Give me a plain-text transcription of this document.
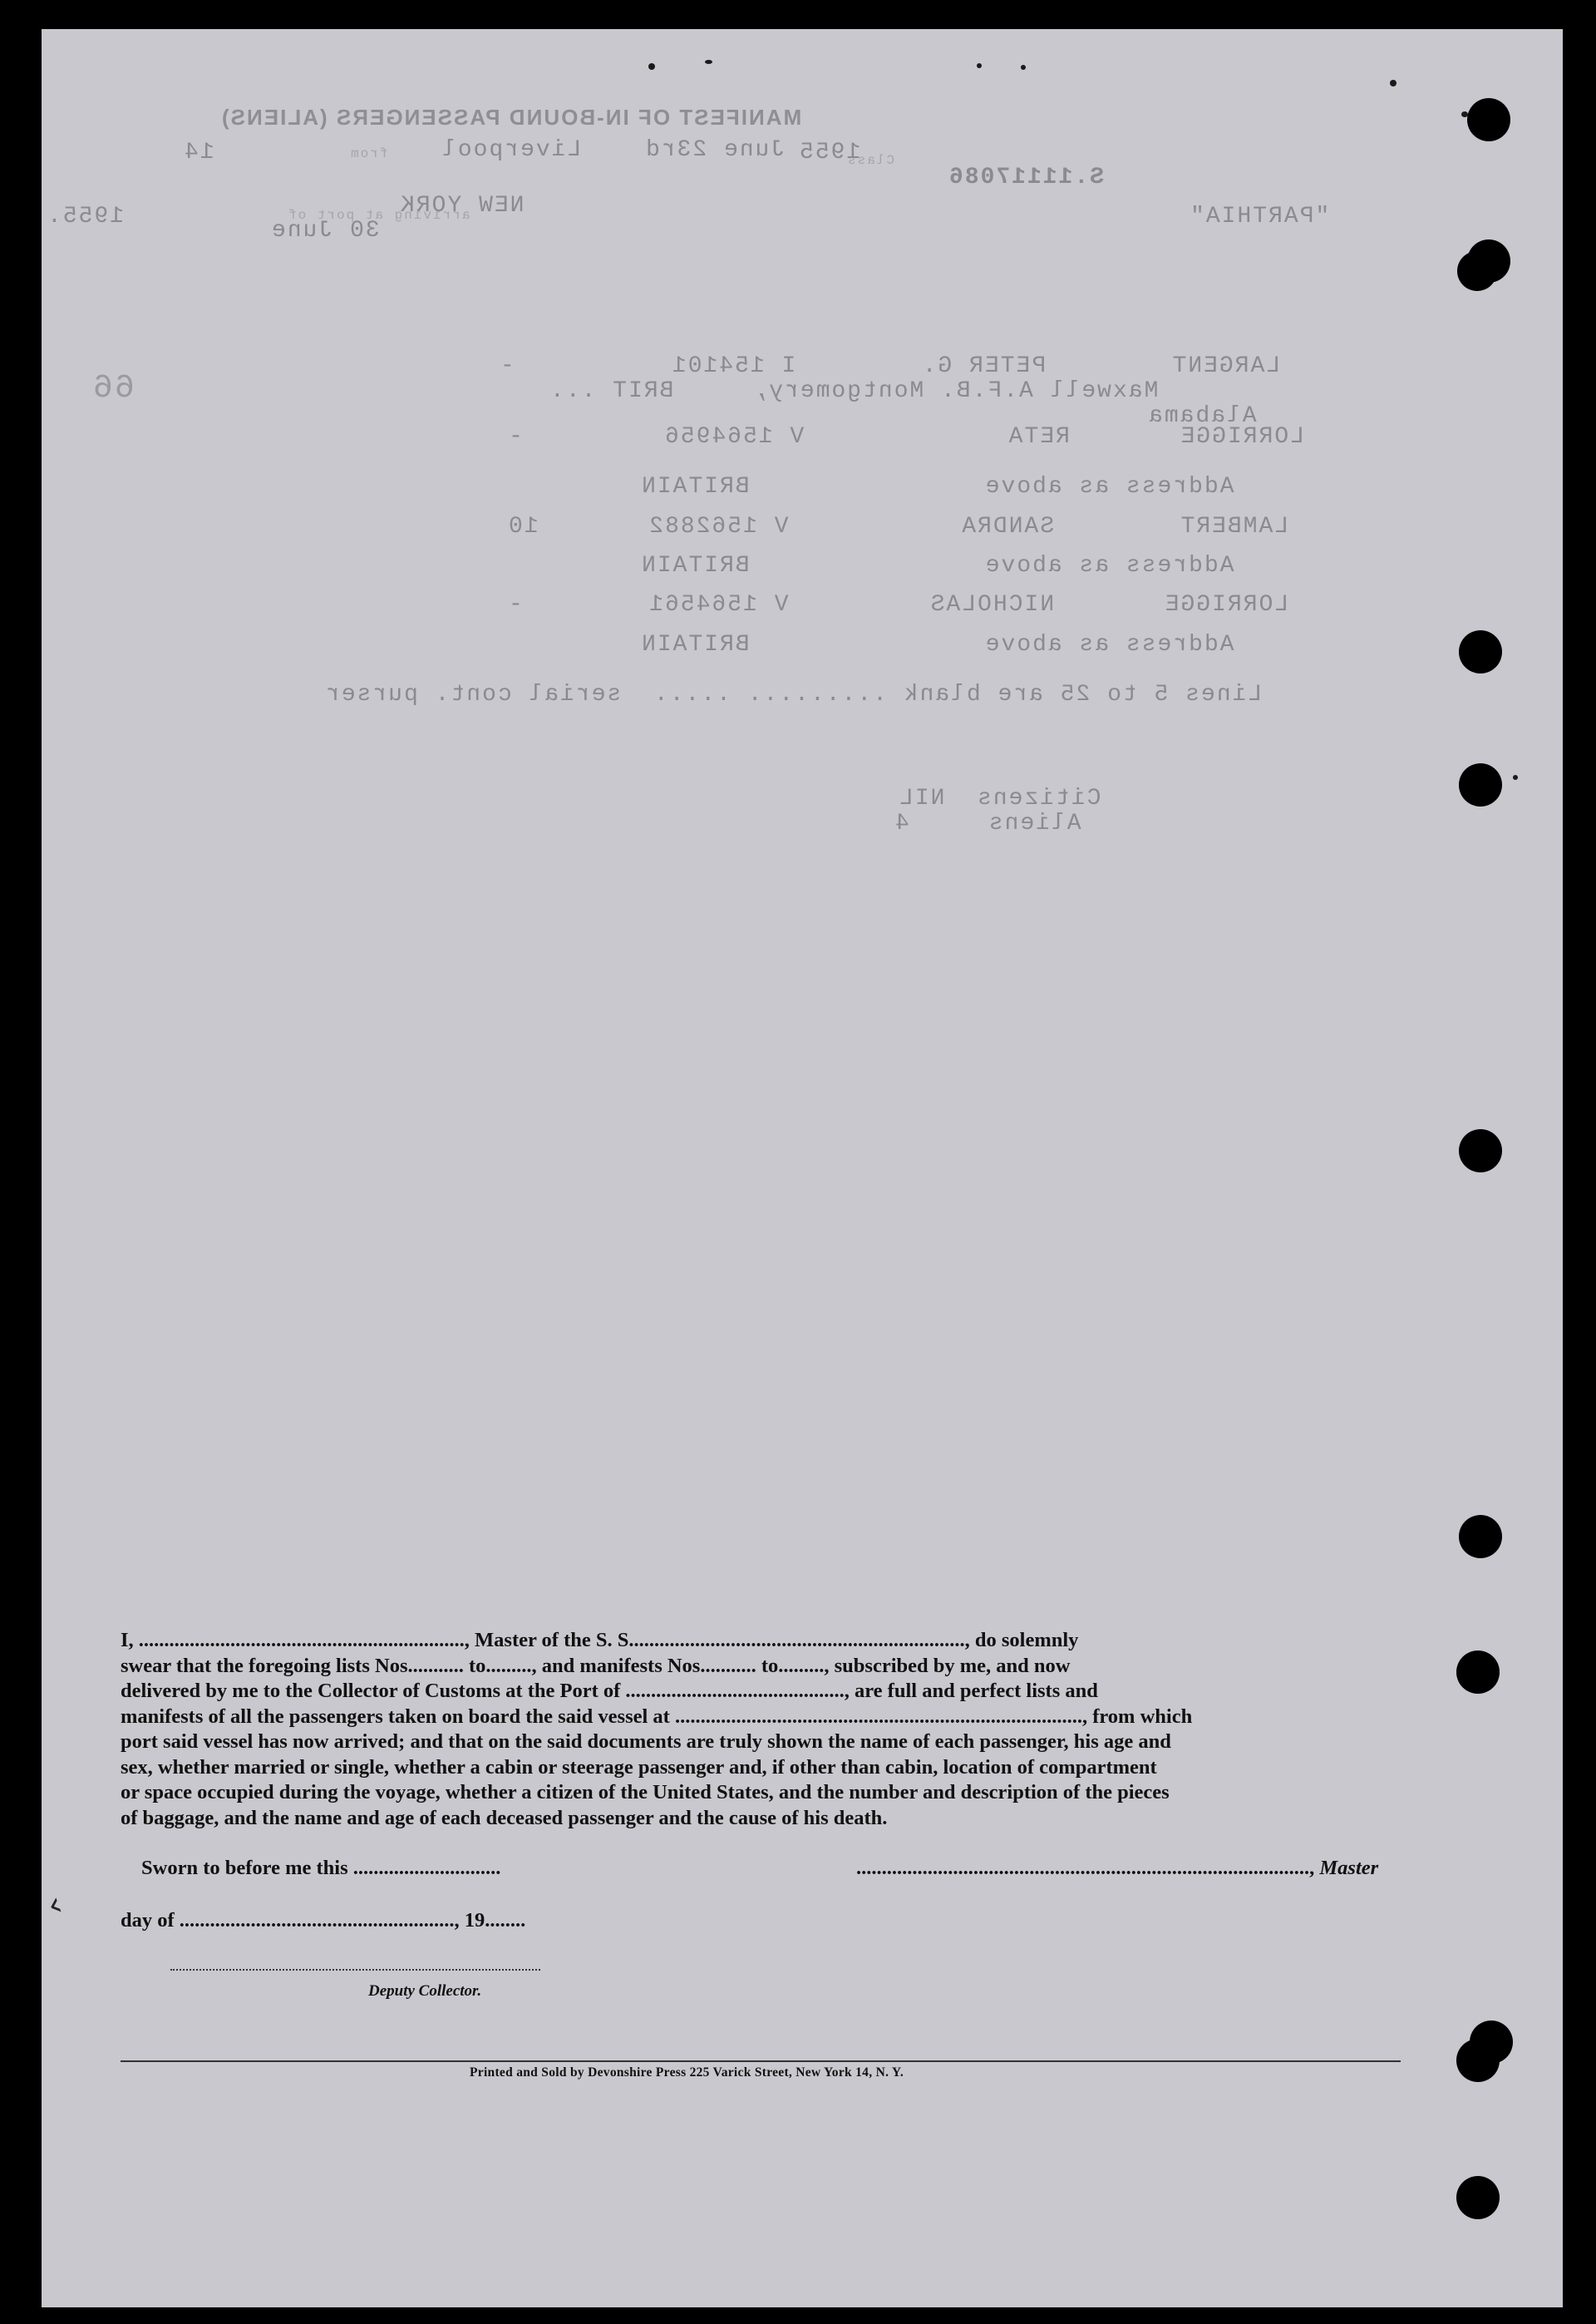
MANIFEST OF IN-BOUND PASSENGERS (ALIENS)
Class
S.11117086
14	from Liverpool	June 23rd 1955
arriving at port of
NEW YORK
30 June
1955.	"PARTHIA"
66
LARGENT        PETER G.        I 154101          -
Maxwell A.F.B. Montgomery,     BRIT ...
Alabama
LORRIGGE       RETA             V 1564956         -
Address as above               BRITAIN
LAMBERT        SANDRA           V 1562882       10
Address as above               BRITAIN
LORRIGGE       NICHOLAS         V 1564561        -
Address as above               BRITAIN
Lines 5 to 25 are blank ......... .....  serial cont. purser
Citizens  NIL
Aliens     4

I, ................................................................, Master of the S. S.................................................................., do solemnly

swear that the foregoing lists Nos........... to........., and manifests Nos........... to........., subscribed by me, and now

delivered by me to the Collector of Customs at the Port of ..........................................., are full and perfect lists and

manifests of all the passengers taken on board the said vessel at ................................................................................, from which

port said vessel has now arrived; and that on the said documents are truly shown the name of each passenger, his age and

sex, whether married or single, whether a cabin or steerage passenger and, if other than cabin, location of compartment

or space occupied during the voyage, whether a citizen of the United States, and the number and description of the pieces

of baggage, and the name and age of each deceased passenger and the cause of his death.

Sworn to before me this .............................	........................................................................................., Master
day of ......................................................, 19........
Deputy Collector.
‹
Printed and Sold by Devonshire Press 225 Varick Street, New York 14, N. Y.
